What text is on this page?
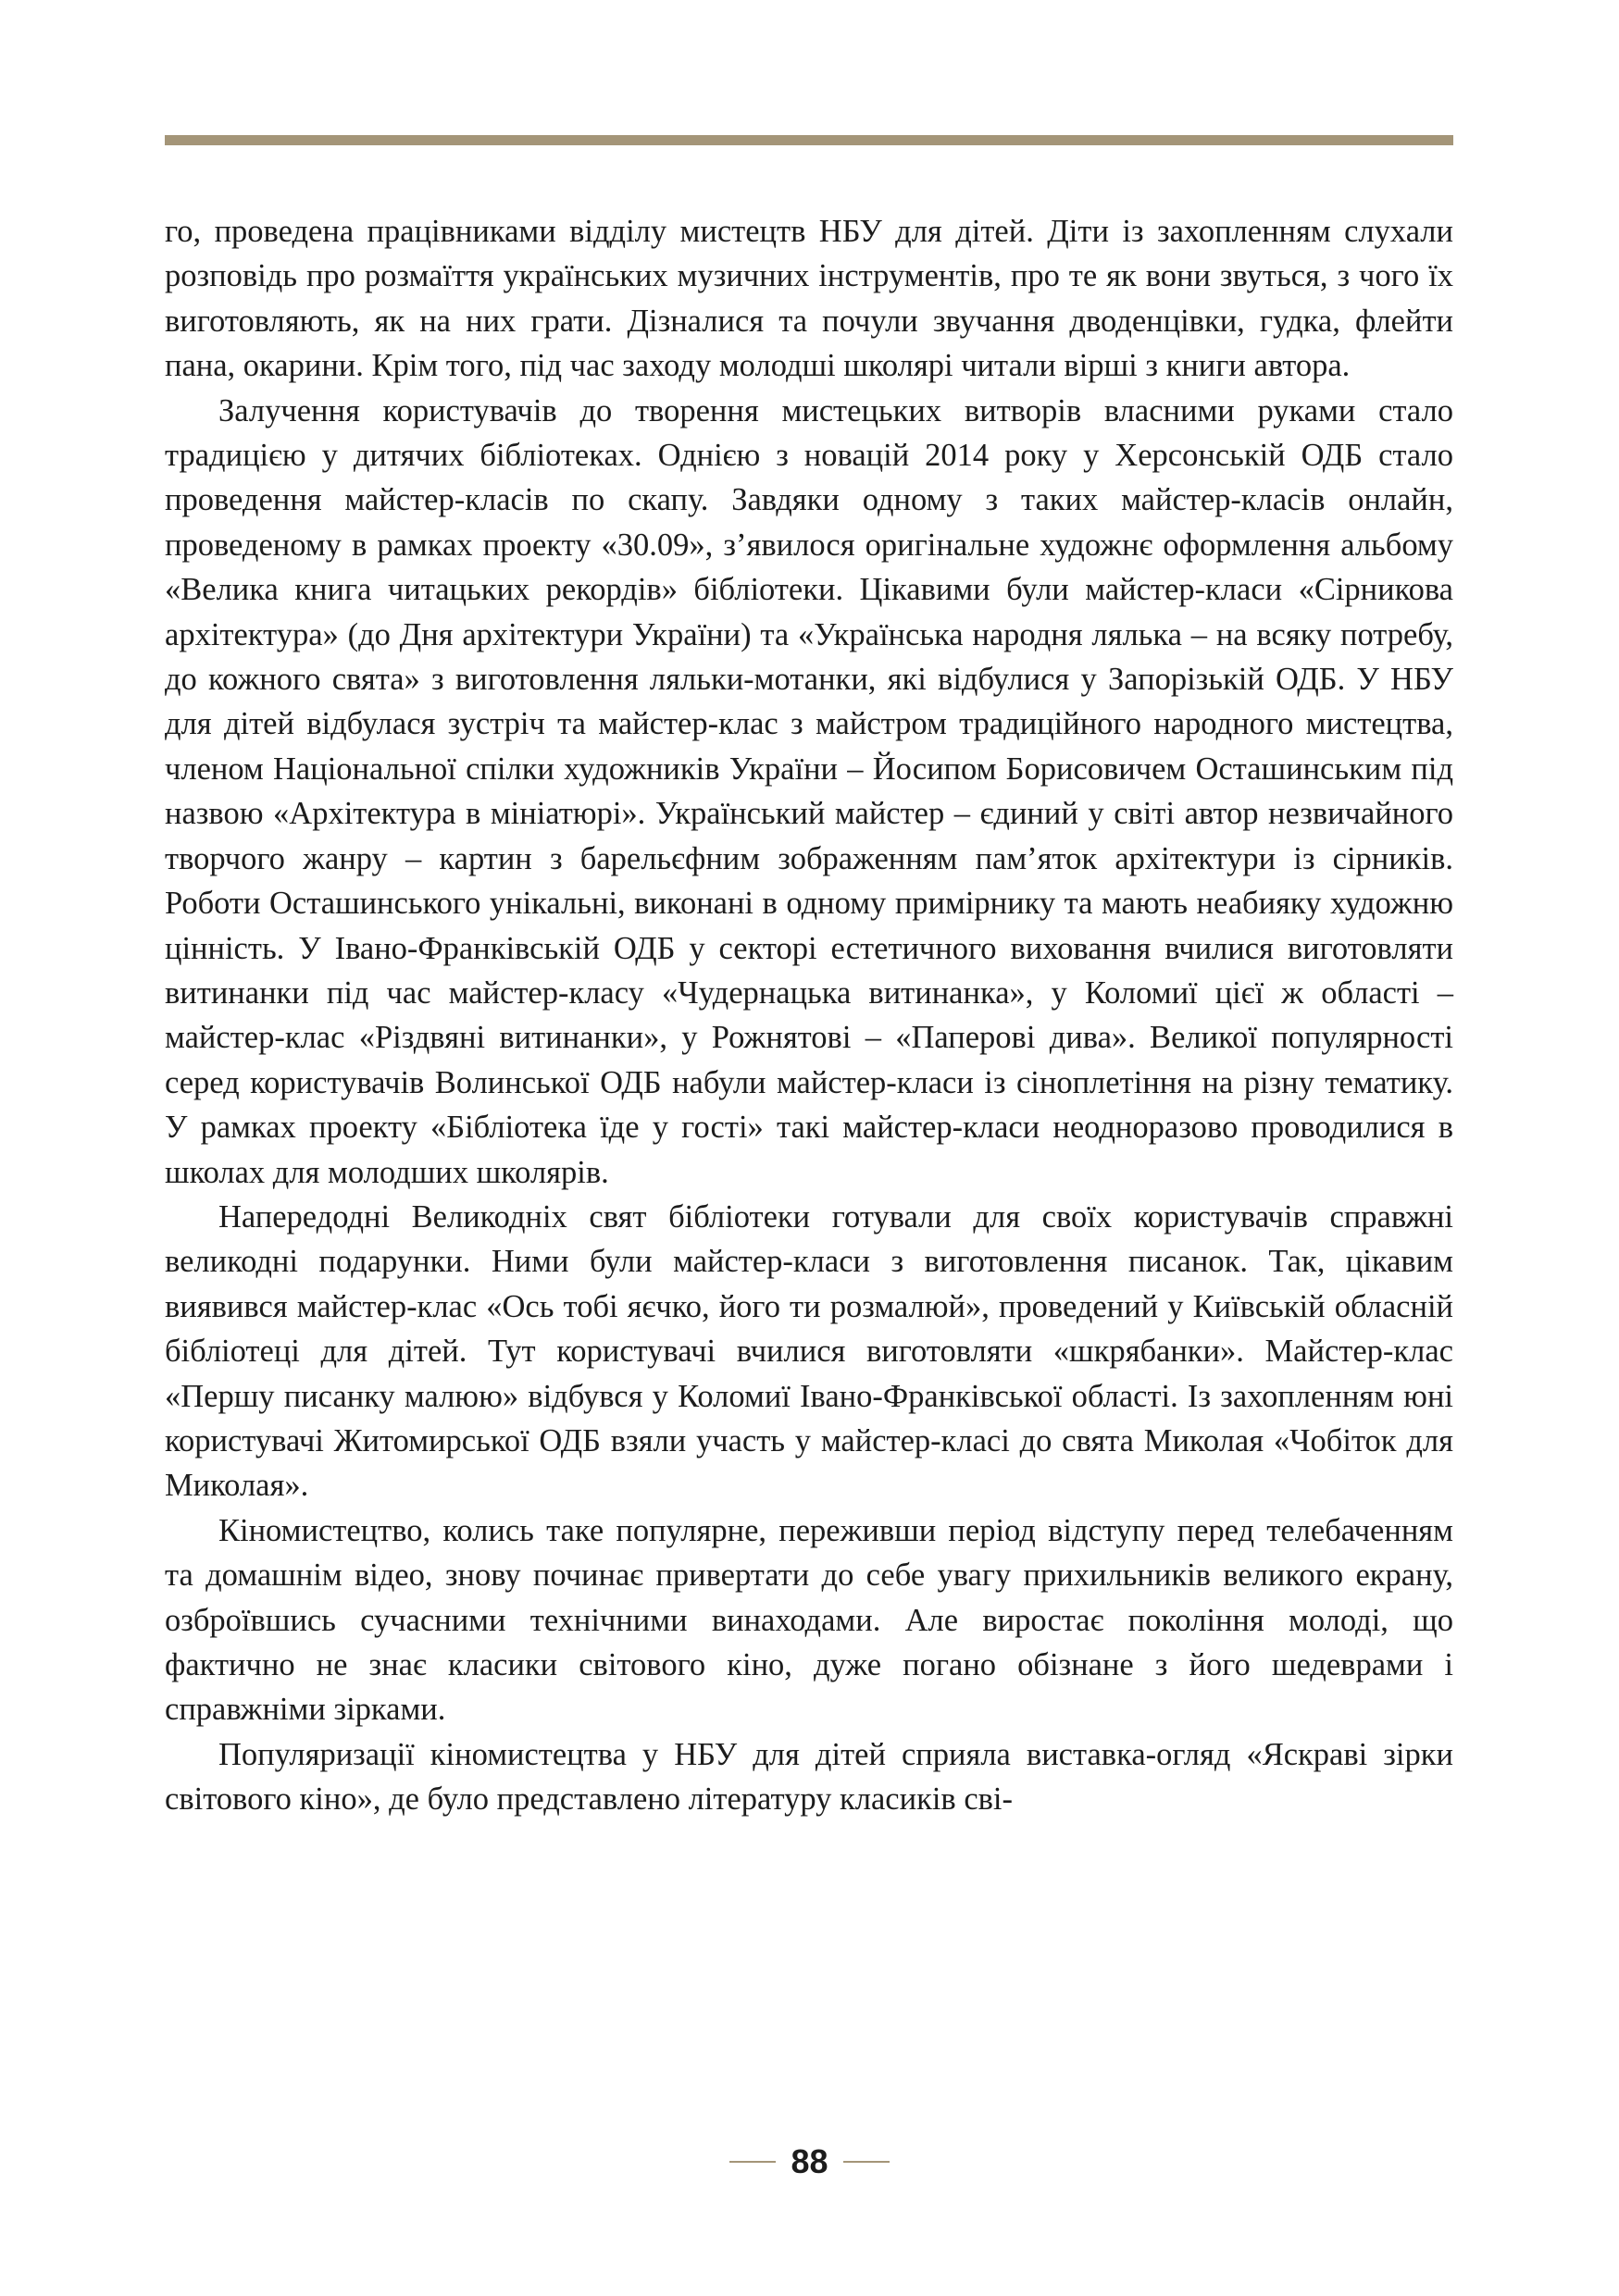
го, проведена працівниками відділу мистецтв НБУ для дітей. Діти із захопленням слухали розповідь про розмаїття українських музичних інструментів, про те як вони звуться, з чого їх виготовляють, як на них грати. Дізналися та почули звучання дводенцівки, гудка, флейти пана, окарини. Крім того, під час заходу молодші школярі читали вірші з книги автора.

Залучення користувачів до творення мистецьких витворів власними руками стало традицією у дитячих бібліотеках. Однією з новацій 2014 року у Херсонській ОДБ стало проведення майстер-класів по скапу. Завдяки одному з таких майстер-класів онлайн, проведеному в рамках проекту «30.09», з’явилося оригінальне художнє оформлення альбому «Велика книга читацьких рекордів» бібліотеки. Цікавими були майстер-класи «Сірникова архітектура» (до Дня архітектури України) та «Українська народня лялька – на всяку потребу, до кожного свята» з виготовлення ляльки-мотанки, які відбулися у Запорізькій ОДБ. У НБУ для дітей відбулася зустріч та майстер-клас з майстром традиційного народного мистецтва, членом Національної спілки художників України – Йосипом Борисовичем Осташинським під назвою «Архітектура в мініатюрі». Український майстер – єдиний у світі автор незвичайного творчого жанру – картин з барельєфним зображенням пам’яток архітектури із сірників. Роботи Осташинського унікальні, виконані в одному примірнику та мають неабияку художню цінність. У Івано-Франківській ОДБ у секторі естетичного виховання вчилися виготовляти витинанки під час майстер-класу «Чудернацька витинанка», у Коломиї цієї ж області – майстер-клас «Різдвяні витинанки», у Рожнятові – «Паперові дива». Великої популярності серед користувачів Волинської ОДБ набули майстер-класи із сіноплетіння на різну тематику. У рамках проекту «Бібліотека їде у гості» такі майстер-класи неодноразово проводилися в школах для молодших школярів.

Напередодні Великодніх свят бібліотеки готували для своїх користувачів справжні великодні подарунки. Ними були майстер-класи з виготовлення писанок. Так, цікавим виявився майстер-клас «Ось тобі яєчко, його ти розмалюй», проведений у Київській обласній бібліотеці для дітей. Тут користувачі вчилися виготовляти «шкрябанки». Майстер-клас «Першу писанку малюю» відбувся у Коломиї Івано-Франківської області. Із захопленням юні користувачі Житомирської ОДБ взяли участь у майстер-класі до свята Миколая «Чобіток для Миколая».

Кіномистецтво, колись таке популярне, переживши період відступу перед телебаченням та домашнім відео, знову починає привертати до себе увагу прихильників великого екрану, озброївшись сучасними технічними винаходами. Але виростає покоління молоді, що фактично не знає класики світового кіно, дуже погано обізнане з його шедеврами і справжніми зірками.

Популяризації кіномистецтва у НБУ для дітей сприяла виставка-огляд «Яскраві зірки світового кіно», де було представлено літературу класиків сві-

88
